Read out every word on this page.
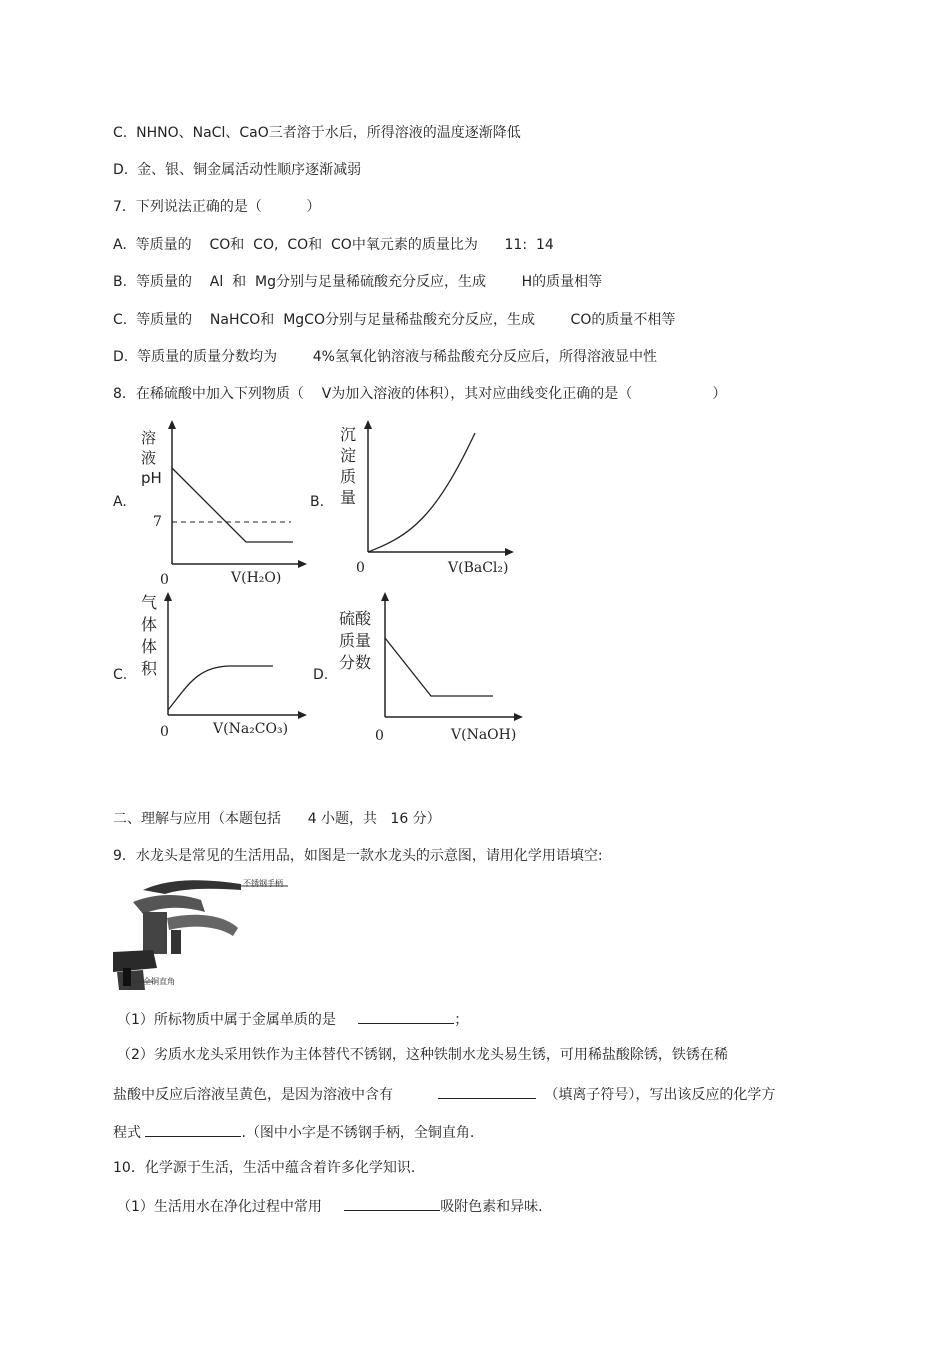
C.  NHNO、NaCl、CaO三者溶于水后，所得溶液的温度逐渐降低
D.  金、银、铜金属活动性顺序逐渐减弱
7．下列说法正确的是（          ）
A.  等质量的    CO和  CO,  CO和  CO中氧元素的质量比为      11:  14
B.  等质量的    Al  和  Mg分别与足量稀硫酸充分反应，生成        H的质量相等
C.  等质量的    NaHCO和  MgCO分别与足量稀盐酸充分反应，生成        CO的质量不相等
D.  等质量的质量分数均为        4%氢氧化钠溶液与稀盐酸充分反应后，所得溶液显中性
8．在稀硫酸中加入下列物质（    V为加入溶液的体积），其对应曲线变化正确的是（                  ）
A.
溶
液
pH
7
0	V(H₂O)
B.
沉
淀
质
量
0	V(BaCl₂)
C.
气
体
体
积
0	V(Na₂CO₃)
D.
硫酸
质量
分数
0	V(NaOH)
二、理解与应用（本题包括      4 小题，共   16 分）
9．水龙头是常见的生活用品，如图是一款水龙头的示意图，请用化学用语填空:
不锈钢手柄
全铜直角
（1）所标物质中属于金属单质的是	；
（2）劣质水龙头采用铁作为主体替代不锈钢，这种铁制水龙头易生锈，可用稀盐酸除锈，铁锈在稀
盐酸中反应后溶液呈黄色，是因为溶液中含有	（填离子符号），写出该反应的化学方
程式	.（图中小字是不锈钢手柄，全铜直角.
10．化学源于生活，生活中蕴含着许多化学知识.
（1）生活用水在净化过程中常用	吸附色素和异味.
